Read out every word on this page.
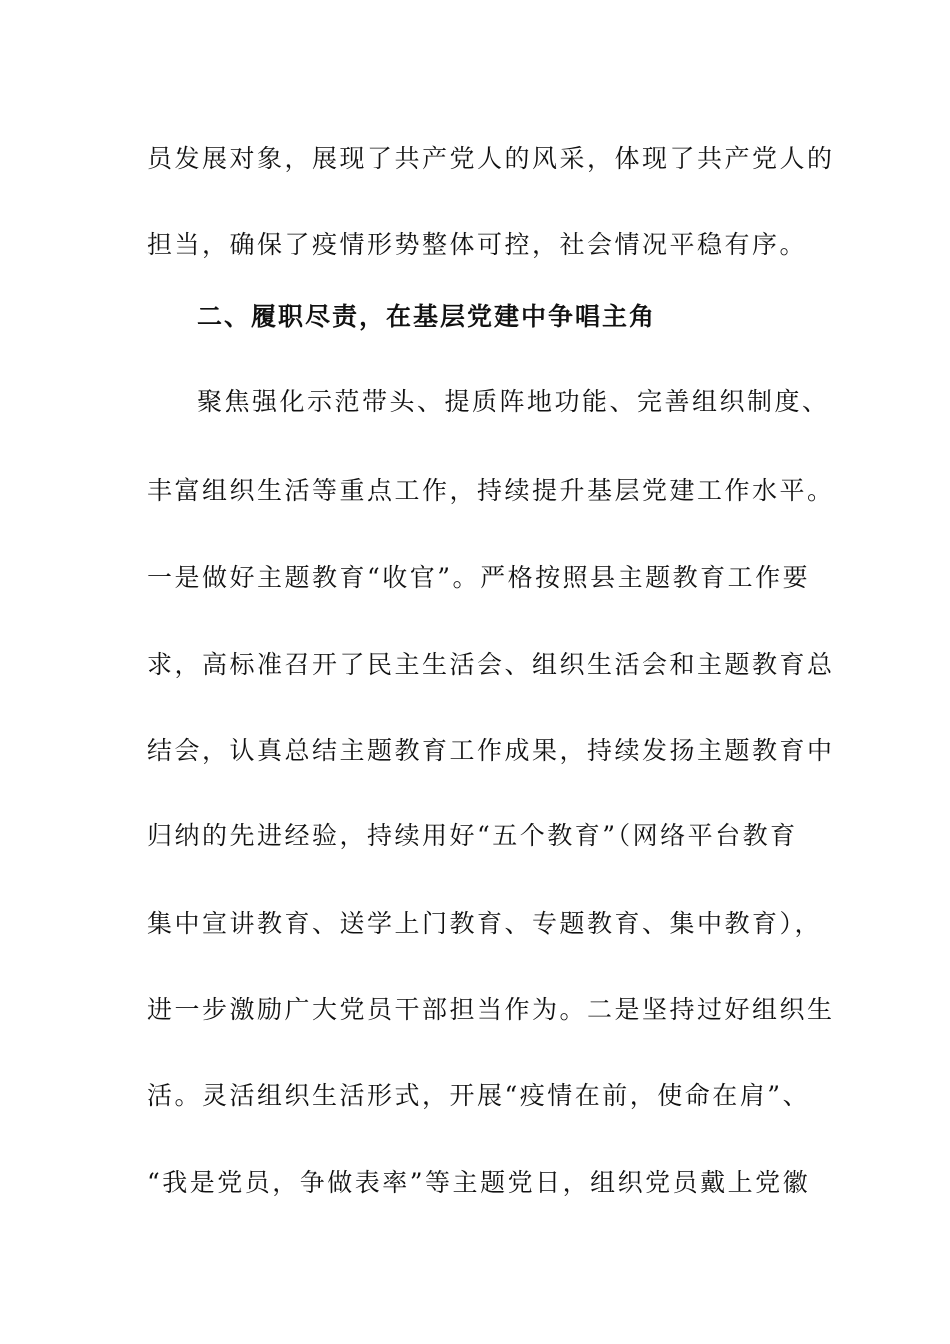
员发展对象，展现了共产党人的风采，体现了共产党人的
担当，确保了疫情形势整体可控，社会情况平稳有序。
二、履职尽责，在基层党建中争唱主角
聚焦强化示范带头、提质阵地功能、完善组织制度、
丰富组织生活等重点工作，持续提升基层党建工作水平。
一是做好主题教育“收官”。严格按照县主题教育工作要
求，高标准召开了民主生活会、组织生活会和主题教育总
结会，认真总结主题教育工作成果，持续发扬主题教育中
归纳的先进经验，持续用好“五个教育”（网络平台教育
集中宣讲教育、送学上门教育、专题教育、集中教育），
进一步激励广大党员干部担当作为。二是坚持过好组织生
活。灵活组织生活形式，开展“疫情在前，使命在肩”、
“我是党员，争做表率”等主题党日，组织党员戴上党徽
